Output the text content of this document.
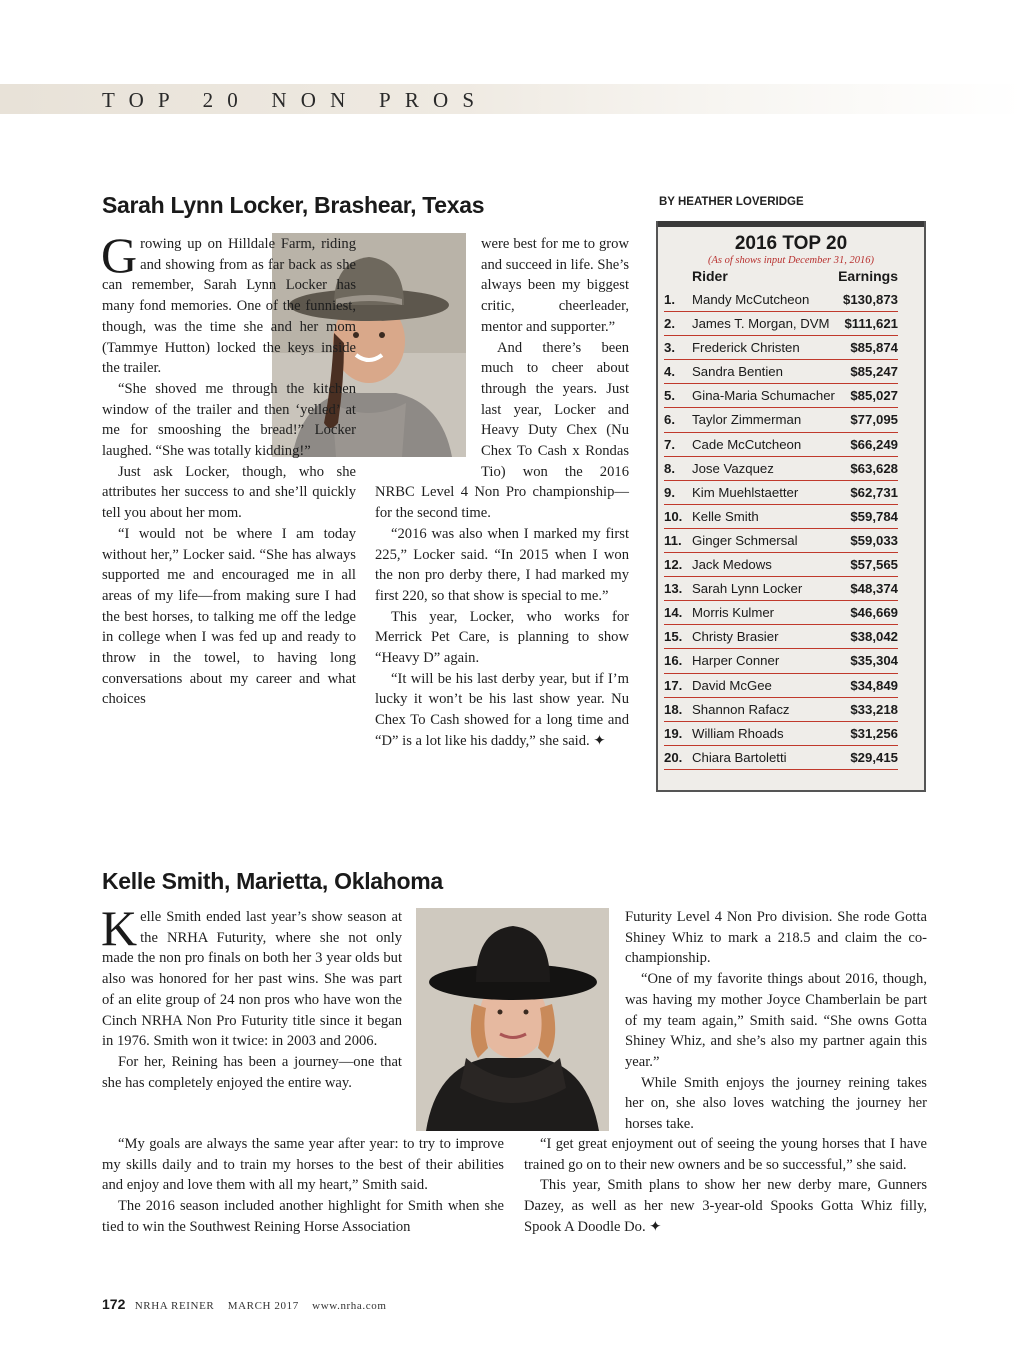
TOP 20 NON PROS
Sarah Lynn Locker, Brashear, Texas	BY HEATHER LOVERIDGE

Growing up on Hilldale Farm, riding and showing from as far back as she can remember, Sarah Lynn Locker has many fond memories. One of the funniest, though, was the time she and her mom (Tammye Hutton) locked the keys inside the trailer.

“She shoved me through the kitchen window of the trailer and then ‘yelled’ at me for smooshing the bread!” Locker laughed. “She was totally kidding!”

Just ask Locker, though, who she attributes her success to and she’ll quickly tell you about her mom.

“I would not be where I am today without her,” Locker said. “She has always supported me and encouraged me in all areas of my life—from making sure I had the best horses, to talking me off the ledge in college when I was fed up and ready to throw in the towel, to having long conversations about my career and what choices

were best for me to grow and succeed in life. She’s always been my biggest critic, cheerleader, mentor and supporter.”

And there’s been much to cheer about through the years. Just last year, Locker and Heavy Duty Chex (Nu Chex To Cash x Rondas Tio) won the 2016 NRBC Level 4 Non Pro championship—for the second time.

“2016 was also when I marked my first 225,” Locker said. “In 2015 when I won the non pro derby there, I had marked my first 220, so that show is special to me.”

This year, Locker, who works for Merrick Pet Care, is planning to show “Heavy D” again.

“It will be his last derby year, but if I’m lucky it won’t be his last show year. Nu Chex To Cash showed for a long time and “D” is a lot like his daddy,” she said. ✦

2016 TOP 20
(As of shows input December 31, 2016)
Rider	Earnings
1. Mandy McCutcheon	$130,873
2. James T. Morgan, DVM $111,621
3. Frederick Christen	$85,874
4. Sandra Bentien	$85,247
5. Gina-Maria Schumacher $85,027
6. Taylor Zimmerman	$77,095
7. Cade McCutcheon	$66,249
8. Jose Vazquez	$63,628
9. Kim Muehlstaetter	$62,731
10. Kelle Smith	$59,784
11. Ginger Schmersal	$59,033
12. Jack Medows	$57,565
13. Sarah Lynn Locker	$48,374
14. Morris Kulmer	$46,669
15. Christy Brasier	$38,042
16. Harper Conner	$35,304
17. David McGee	$34,849
18. Shannon Rafacz	$33,218
19. William Rhoads	$31,256
20. Chiara Bartoletti	$29,415
Kelle Smith, Marietta, Oklahoma

Kelle Smith ended last year’s show season at the NRHA Futurity, where she not only made the non pro finals on both her 3 year olds but also was honored for her past wins. She was part of an elite group of 24 non pros who have won the Cinch NRHA Non Pro Futurity title since it began in 1976. Smith won it twice: in 2003 and 2006.

For her, Reining has been a journey—one that she has completely enjoyed the entire way.

“My goals are always the same year after year: to try to improve my skills daily and to train my horses to the best of their abilities and enjoy and love them with all my heart,” Smith said.

The 2016 season included another highlight for Smith when she tied to win the Southwest Reining Horse Association

Futurity Level 4 Non Pro division. She rode Gotta Shiney Whiz to mark a 218.5 and claim the co-championship.

“One of my favorite things about 2016, though, was having my mother Joyce Chamberlain be part of my team again,” Smith said. “She owns Gotta Shiney Whiz, and she’s also my partner again this year.”

While Smith enjoys the journey reining takes her on, she also loves watching the journey her horses take.

“I get great enjoyment out of seeing the young horses that I have trained go on to their new owners and be so successful,” she said.

This year, Smith plans to show her new derby mare, Gunners Dazey, as well as her new 3-year-old Spooks Gotta Whiz filly, Spook A Doodle Do. ✦

172 NRHA REINER MARCH 2017 www.nrha.com
